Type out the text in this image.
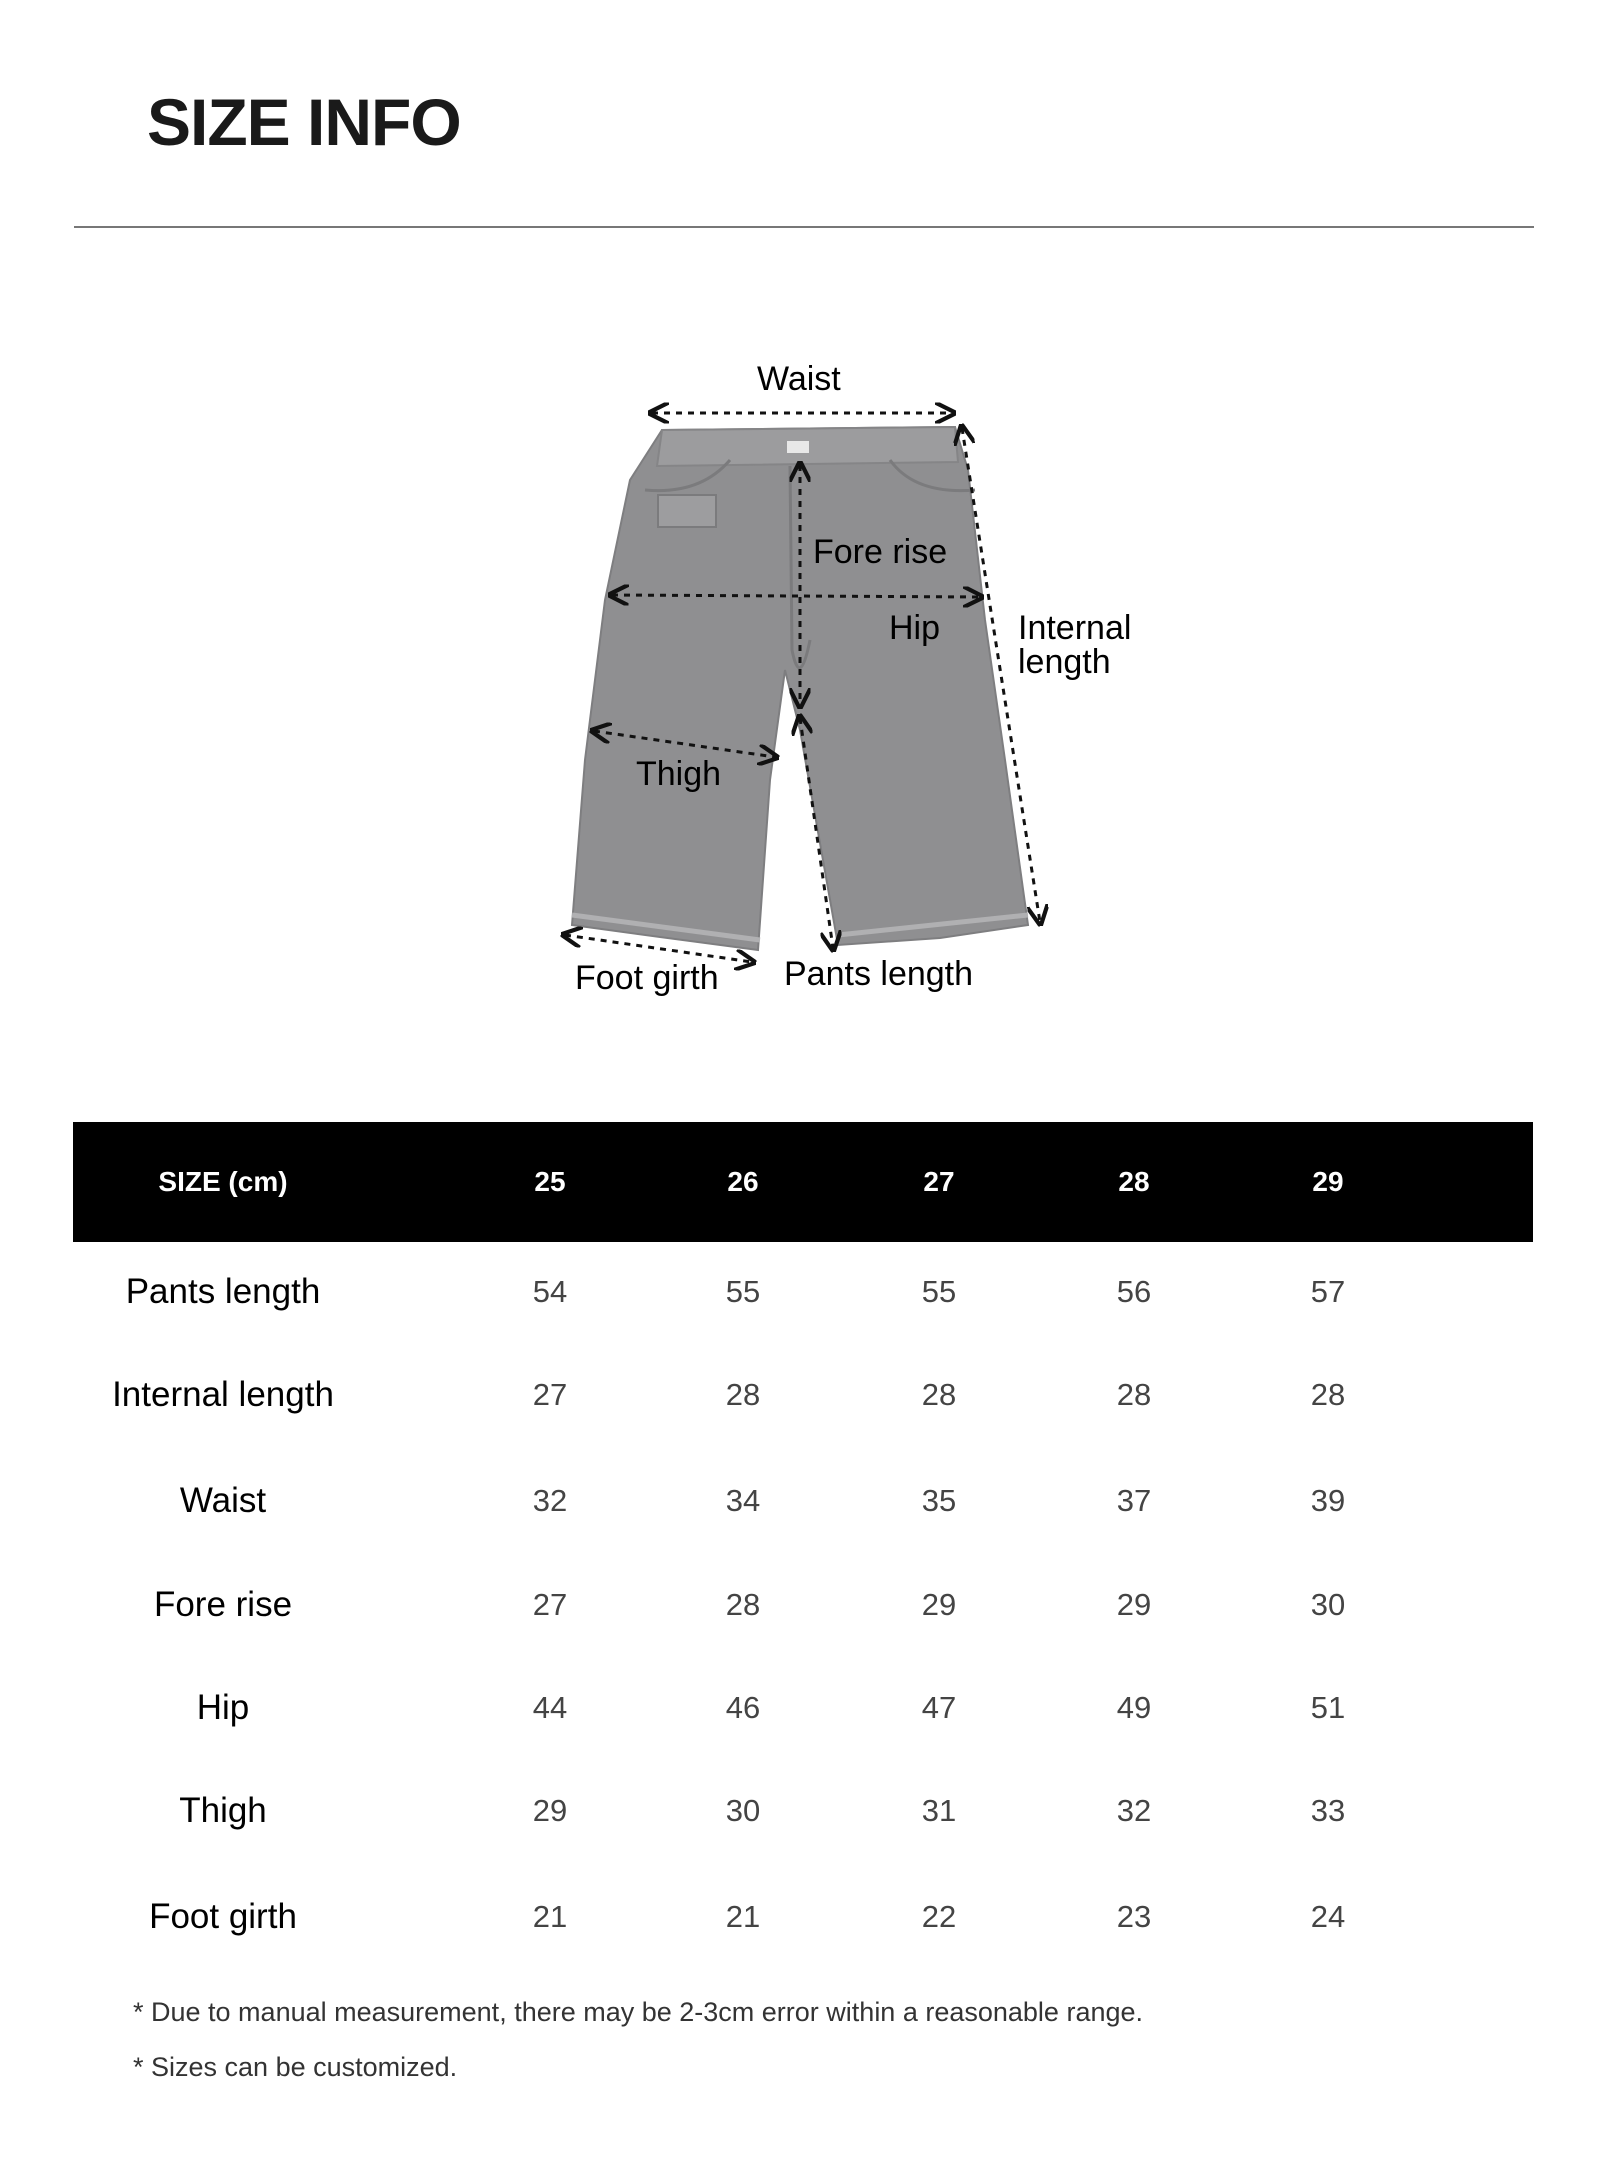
SIZE INFO
Waist
Fore rise
Hip Internal
length
Thigh
Foot girth Pants length
SIZE (cm)	25	26	27	28	29
Pants length	54	55	55	56	57
Internal length	27	28	28	28	28
Waist	32	34	35	37	39
Fore rise	27	28	29	29	30
Hip	44	46	47	49	51
Thigh	29	30	31	32	33
Foot girth	21	21	22	23	24
* Due to manual measurement, there may be 2-3cm error within a reasonable range.
* Sizes can be customized.
